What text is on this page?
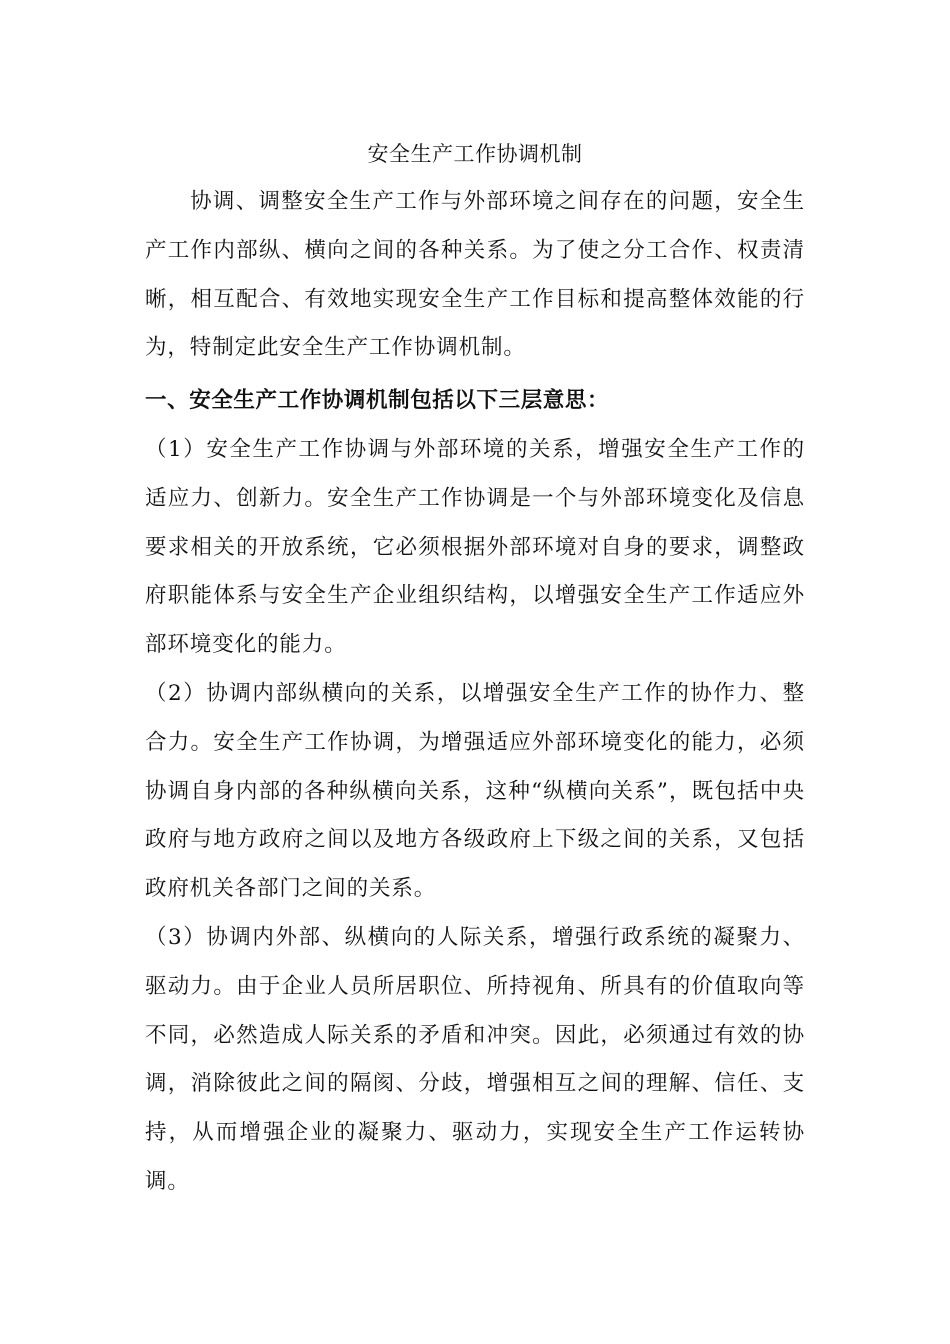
安全生产工作协调机制

协调、调整安全生产工作与外部环境之间存在的问题，安全生产工作内部纵、横向之间的各种关系。为了使之分工合作、权责清晰，相互配合、有效地实现安全生产工作目标和提高整体效能的行为，特制定此安全生产工作协调机制。

一、安全生产工作协调机制包括以下三层意思：

（1）安全生产工作协调与外部环境的关系，增强安全生产工作的适应力、创新力。安全生产工作协调是一个与外部环境变化及信息要求相关的开放系统，它必须根据外部环境对自身的要求，调整政府职能体系与安全生产企业组织结构，以增强安全生产工作适应外部环境变化的能力。

（2）协调内部纵横向的关系，以增强安全生产工作的协作力、整合力。安全生产工作协调，为增强适应外部环境变化的能力，必须协调自身内部的各种纵横向关系，这种“纵横向关系”，既包括中央政府与地方政府之间以及地方各级政府上下级之间的关系，又包括政府机关各部门之间的关系。

（3）协调内外部、纵横向的人际关系，增强行政系统的凝聚力、驱动力。由于企业人员所居职位、所持视角、所具有的价值取向等不同，必然造成人际关系的矛盾和冲突。因此，必须通过有效的协调，消除彼此之间的隔阂、分歧，增强相互之间的理解、信任、支持，从而增强企业的凝聚力、驱动力，实现安全生产工作运转协调。
